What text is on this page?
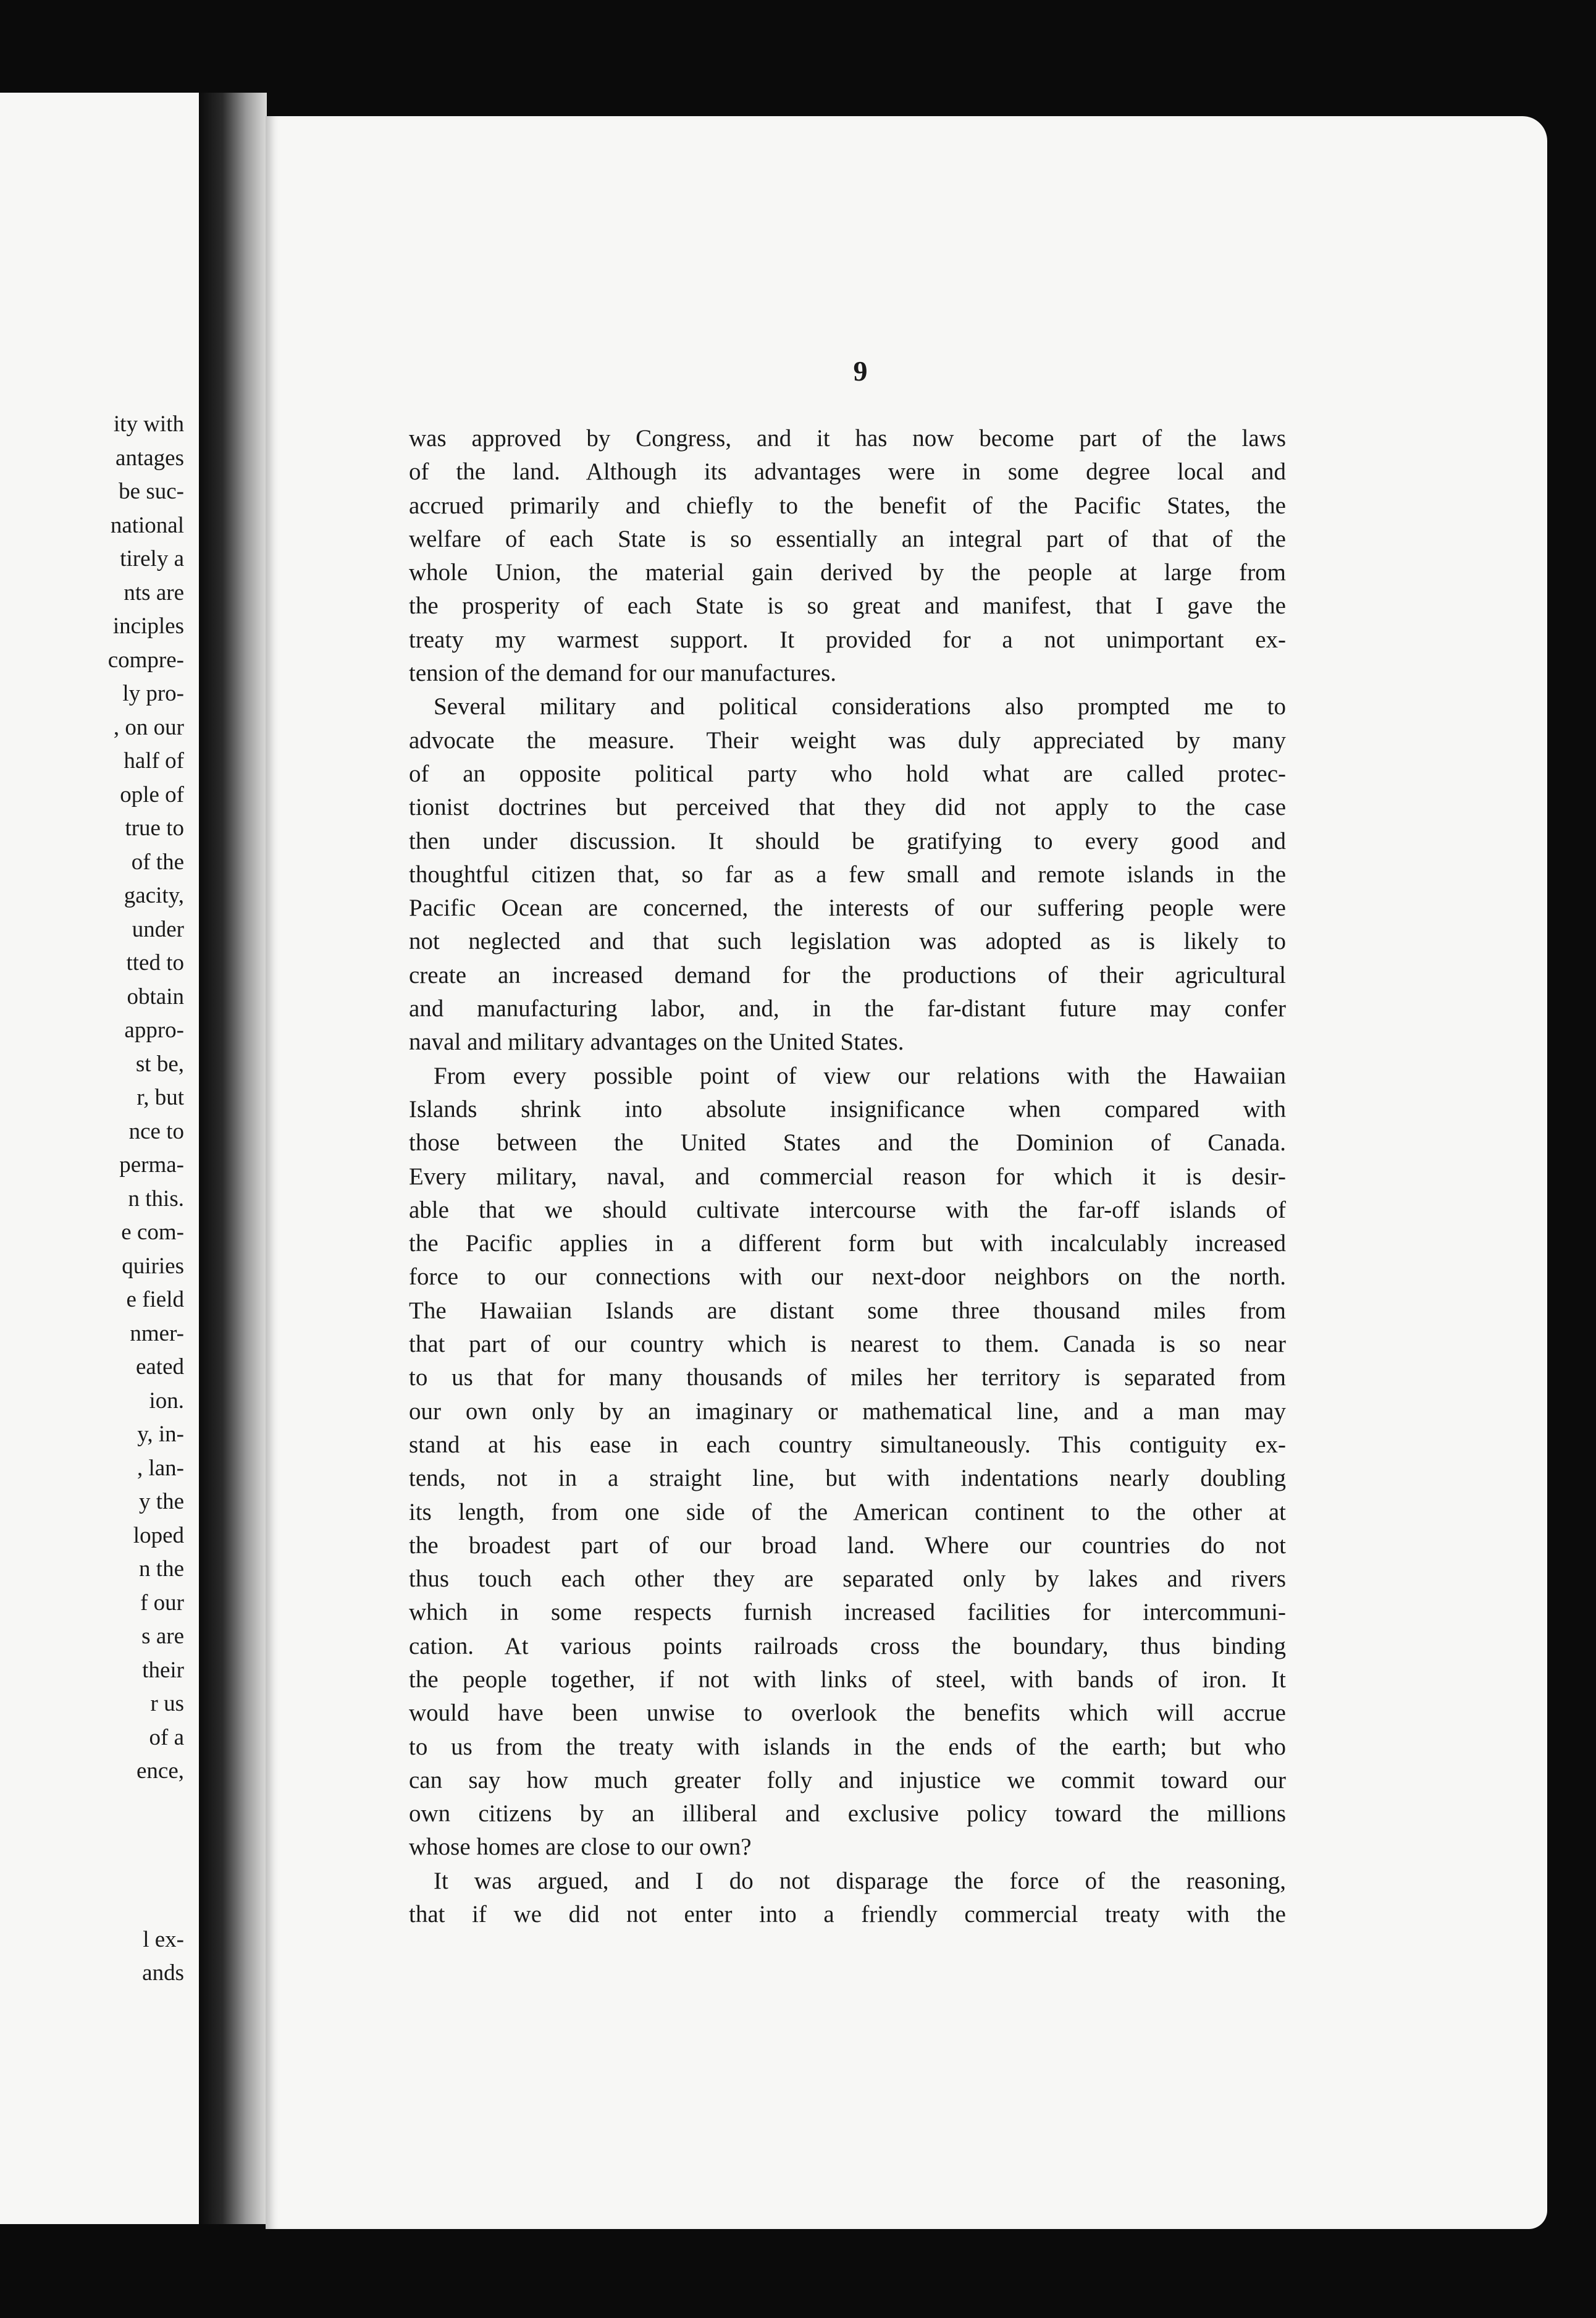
ity with
antages
be suc-
national
tirely a
nts are
inciples
compre-
ly pro-
, on our
half of
ople of
true to
of the
gacity,
under
tted to
obtain
appro-
st be,
r, but
nce to
perma-
n this.
e com-
quiries
e field
nmer-
eated
ion.
y, in-
, lan-
y the
loped
n the
f our
s are
their
r us
of a
ence,
l ex-
ands
9
was approved by Congress, and it has now become part of the laws
of the land. Although its advantages were in some degree local and
accrued primarily and chiefly to the benefit of the Pacific States, the
welfare of each State is so essentially an integral part of that of the
whole Union, the material gain derived by the people at large from
the prosperity of each State is so great and manifest, that I gave the
treaty my warmest support. It provided for a not unimportant ex-
tension of the demand for our manufactures.
Several military and political considerations also prompted me to
advocate the measure. Their weight was duly appreciated by many
of an opposite political party who hold what are called protec-
tionist doctrines but perceived that they did not apply to the case
then under discussion. It should be gratifying to every good and
thoughtful citizen that, so far as a few small and remote islands in the
Pacific Ocean are concerned, the interests of our suffering people were
not neglected and that such legislation was adopted as is likely to
create an increased demand for the productions of their agricultural
and manufacturing labor, and, in the far-distant future may confer
naval and military advantages on the United States.
From every possible point of view our relations with the Hawaiian
Islands shrink into absolute insignificance when compared with
those between the United States and the Dominion of Canada.
Every military, naval, and commercial reason for which it is desir-
able that we should cultivate intercourse with the far-off islands of
the Pacific applies in a different form but with incalculably increased
force to our connections with our next-door neighbors on the north.
The Hawaiian Islands are distant some three thousand miles from
that part of our country which is nearest to them. Canada is so near
to us that for many thousands of miles her territory is separated from
our own only by an imaginary or mathematical line, and a man may
stand at his ease in each country simultaneously. This contiguity ex-
tends, not in a straight line, but with indentations nearly doubling
its length, from one side of the American continent to the other at
the broadest part of our broad land. Where our countries do not
thus touch each other they are separated only by lakes and rivers
which in some respects furnish increased facilities for intercommuni-
cation. At various points railroads cross the boundary, thus binding
the people together, if not with links of steel, with bands of iron. It
would have been unwise to overlook the benefits which will accrue
to us from the treaty with islands in the ends of the earth; but who
can say how much greater folly and injustice we commit toward our
own citizens by an illiberal and exclusive policy toward the millions
whose homes are close to our own?
It was argued, and I do not disparage the force of the reasoning,
that if we did not enter into a friendly commercial treaty with the
